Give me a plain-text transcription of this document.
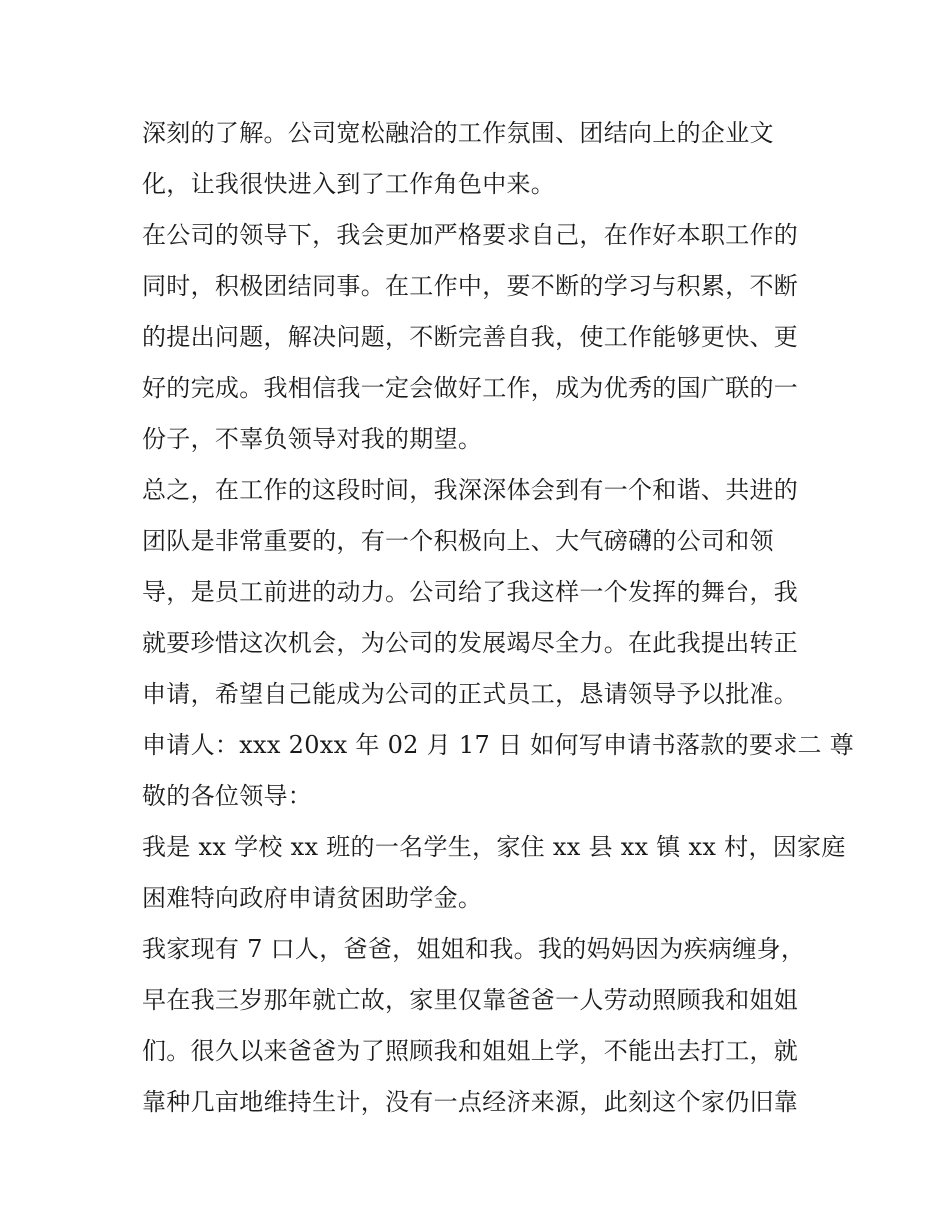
深刻的了解。公司宽松融洽的工作氛围、团结向上的企业文
化，让我很快进入到了工作角色中来。
在公司的领导下，我会更加严格要求自己，在作好本职工作的
同时，积极团结同事。在工作中，要不断的学习与积累，不断
的提出问题，解决问题，不断完善自我，使工作能够更快、更
好的完成。我相信我一定会做好工作，成为优秀的国广联的一
份子，不辜负领导对我的期望。
总之，在工作的这段时间，我深深体会到有一个和谐、共进的
团队是非常重要的，有一个积极向上、大气磅礴的公司和领
导，是员工前进的动力。公司给了我这样一个发挥的舞台，我
就要珍惜这次机会，为公司的发展竭尽全力。在此我提出转正
申请，希望自己能成为公司的正式员工，恳请领导予以批准。
申请人：xxx 20xx 年 02 月 17 日 如何写申请书落款的要求二 尊
敬的各位领导：
我是 xx 学校 xx 班的一名学生，家住 xx 县 xx 镇 xx 村，因家庭
困难特向政府申请贫困助学金。
我家现有 7 口人，爸爸，姐姐和我。我的妈妈因为疾病缠身，
早在我三岁那年就亡故，家里仅靠爸爸一人劳动照顾我和姐姐
们。很久以来爸爸为了照顾我和姐姐上学，不能出去打工，就
靠种几亩地维持生计，没有一点经济来源，此刻这个家仍旧靠
